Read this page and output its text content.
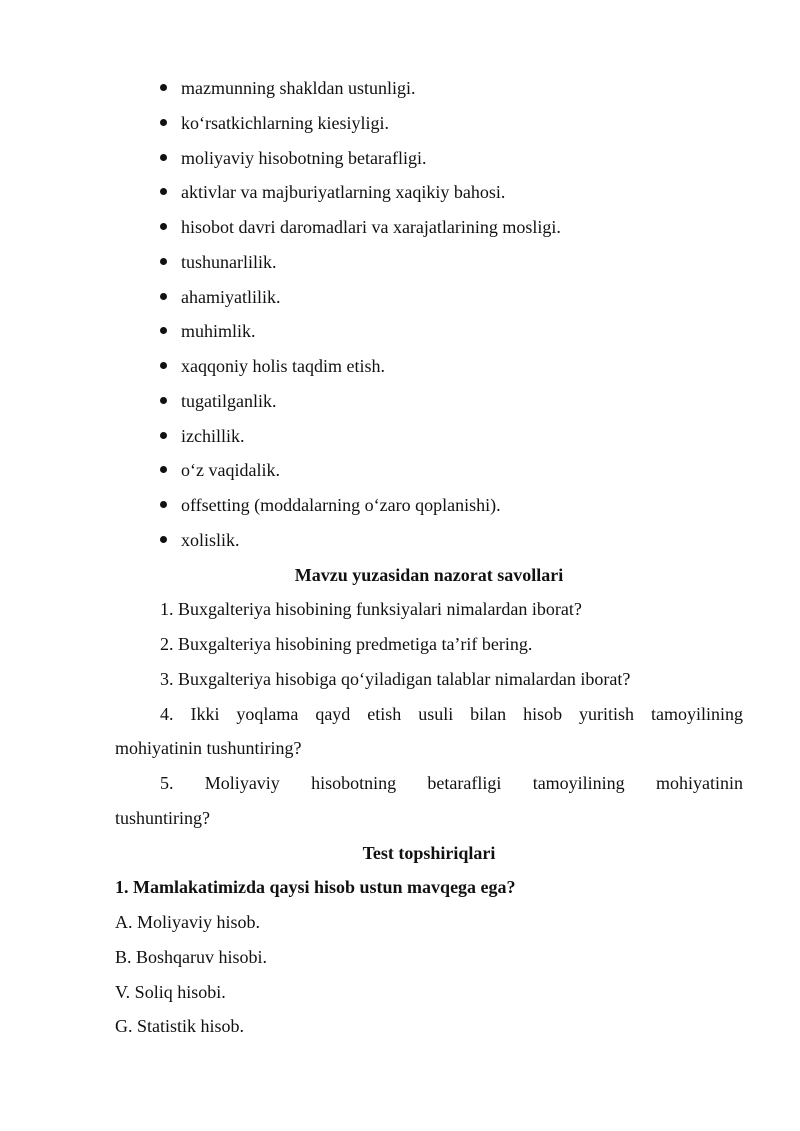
mazmunning shakldan ustunligi.
ko‘rsatkichlarning kiesiyligi.
moliyaviy hisobotning betarafligi.
aktivlar va majburiyatlarning xaqikiy bahosi.
hisobot davri daromadlari va xarajatlarining mosligi.
tushunarlilik.
ahamiyatlilik.
muhimlik.
xaqqoniy holis taqdim etish.
tugatilganlik.
izchillik.
o‘z vaqidalik.
offsetting (moddalarning o‘zaro qoplanishi).
xolislik.
Mavzu yuzasidan nazorat savollari
1. Buxgalteriya hisobining funksiyalari nimalardan iborat?
2. Buxgalteriya hisobining predmetiga ta’rif bering.
3. Buxgalteriya hisobiga qo‘yiladigan talablar nimalardan iborat?
4. Ikki yoqlama qayd etish usuli bilan hisob yuritish tamoyilining
mohiyatinin tushuntiring?
5. Moliyaviy hisobotning betarafligi tamoyilining mohiyatinin
tushuntiring?
Test topshiriqlari
1. Mamlakatimizda qaysi hisob ustun mavqega ega?
A. Moliyaviy hisob.
B. Boshqaruv hisobi.
V. Soliq hisobi.
G. Statistik hisob.
